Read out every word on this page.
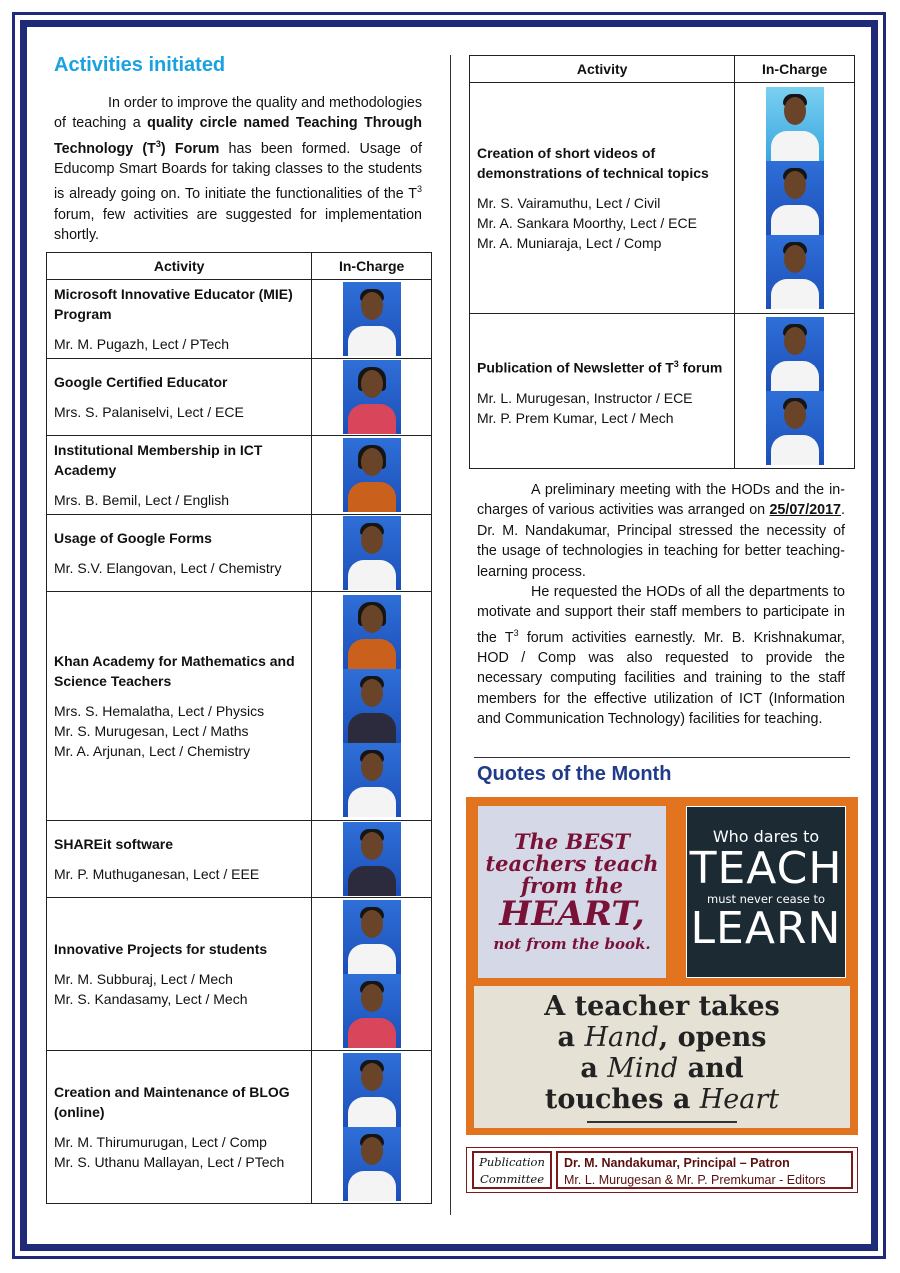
Activities initiated

In order to improve the quality and methodologies of teaching a quality circle named Teaching Through Technology $(T^3)$ Forum has been formed. Usage of Educomp Smart Boards for taking classes to the students is already going on. To initiate the functionalities of the $T^3$ forum, few activities are suggested for implementation shortly.

Activity	In-Charge

Microsoft Innovative Educator (MIE) Program
Mr. M. Pugazh, Lect / PTech	

Google Certified Educator
Mrs. S. Palaniselvi, Lect / ECE	

Institutional Membership in ICT Academy
Mrs. B. Bemil, Lect / English	

Usage of Google Forms
Mr. S.V. Elangovan, Lect / Chemistry	

Khan Academy for Mathematics and Science Teachers
Mrs. S. Hemalatha, Lect / Physics
Mr. S. Murugesan, Lect / Maths
Mr. A. Arjunan, Lect / Chemistry	

SHAREit software
Mr. P. Muthuganesan, Lect / EEE	

Innovative Projects for students
Mr. M. Subburaj, Lect / Mech
Mr. S. Kandasamy, Lect / Mech	

Creation and Maintenance of BLOG (online)
Mr. M. Thirumurugan, Lect / Comp
Mr. S. Uthanu Mallayan, Lect / PTech	

Activity	In-Charge

Creation of short videos of demonstrations of technical topics
Mr. S. Vairamuthu, Lect / Civil
Mr. A. Sankara Moorthy, Lect / ECE
Mr. A. Muniaraja, Lect / Comp	

Publication of Newsletter of $T^3$ forum
Mr. L. Murugesan, Instructor / ECE
Mr. P. Prem Kumar, Lect / Mech	

A preliminary meeting with the HODs and the in-charges of various activities was arranged on 25/07/2017. Dr. M. Nandakumar, Principal stressed the necessity of the usage of technologies in teaching for better teaching-learning process.

He requested the HODs of all the departments to motivate and support their staff members to participate in the $T^3$ forum activities earnestly. Mr. B. Krishnakumar, HOD / Comp was also requested to provide the necessary computing facilities and training to the staff members for the effective utilization of ICT (Information and Communication Technology) facilities for teaching.

Quotes of the Month
The BEST
teachers teach
from the
HEART,
not from the book.
Who dares to
TEACH
must never cease to
LEARN
A teacher takes
a Hand, opens
a Mind and
touches a Heart
Publication
Committee
Dr. M. Nandakumar, Principal – Patron
Mr. L. Murugesan & Mr. P. Premkumar - Editors
